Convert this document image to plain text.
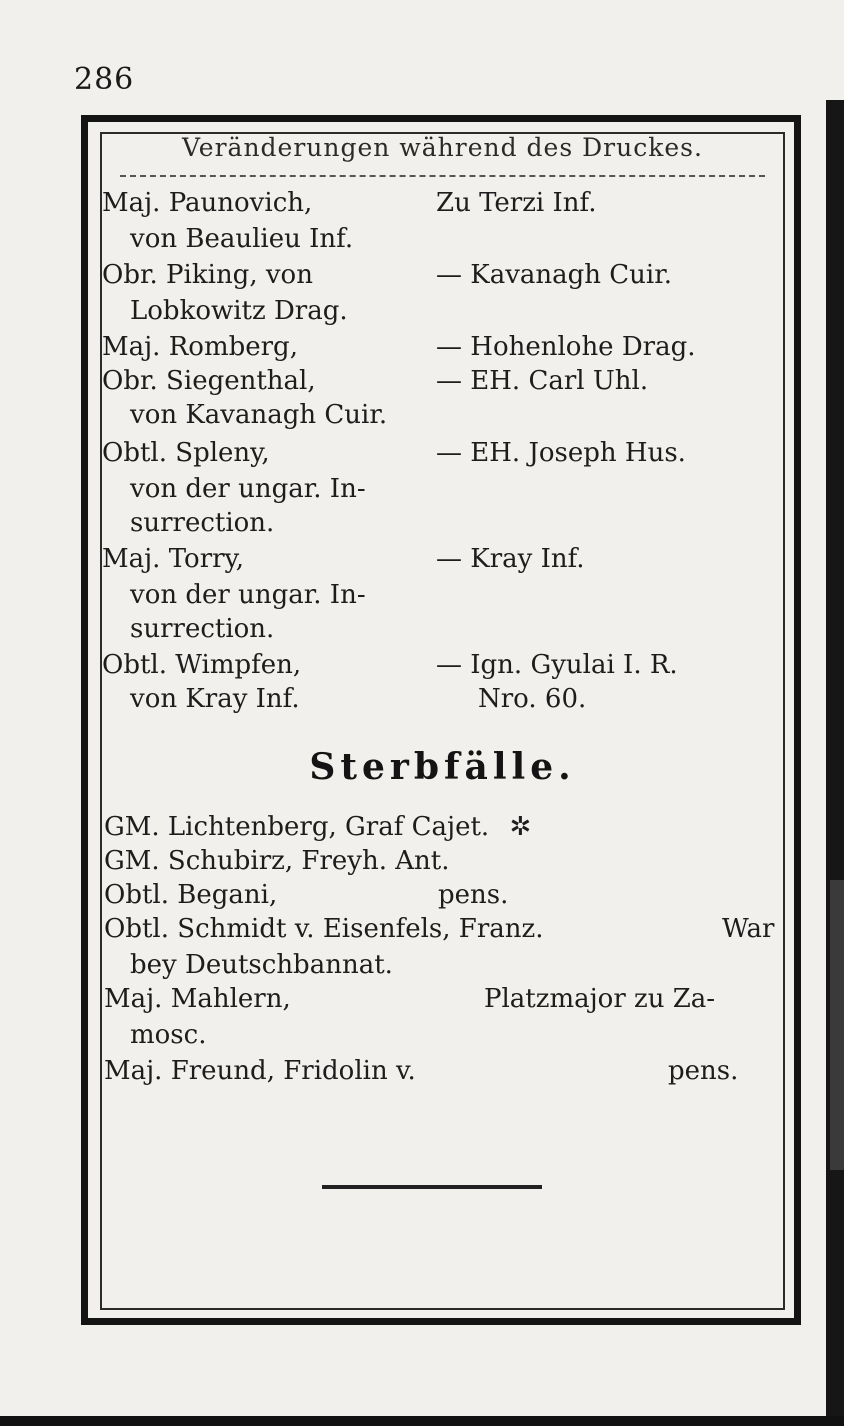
286
Veränderungen während des Druckes.
Maj. Paunovich,	Zu Terzi Inf.
von Beaulieu Inf.
Obr. Piking, von	— Kavanagh Cuir.
Lobkowitz Drag.
Maj. Romberg,	— Hohenlohe Drag.
Obr. Siegenthal,	— EH. Carl Uhl.
von Kavanagh Cuir.
Obtl. Spleny,	— EH. Joseph Hus.
von der ungar. In-
surrection.
Maj. Torry,	— Kray Inf.
von der ungar. In-
surrection.
Obtl. Wimpfen,	— Ign. Gyulai I. R.
von Kray Inf.	Nro. 60.
Sterbfälle.
GM. Lichtenberg, Graf Cajet. ✲
GM. Schubirz, Freyh. Ant.
Obtl. Begani,	pens.
Obtl. Schmidt v. Eisenfels, Franz.	War
bey Deutschbannat.
Maj. Mahlern,	Platzmajor zu Za-
mosc.
Maj. Freund, Fridolin v.	pens.
